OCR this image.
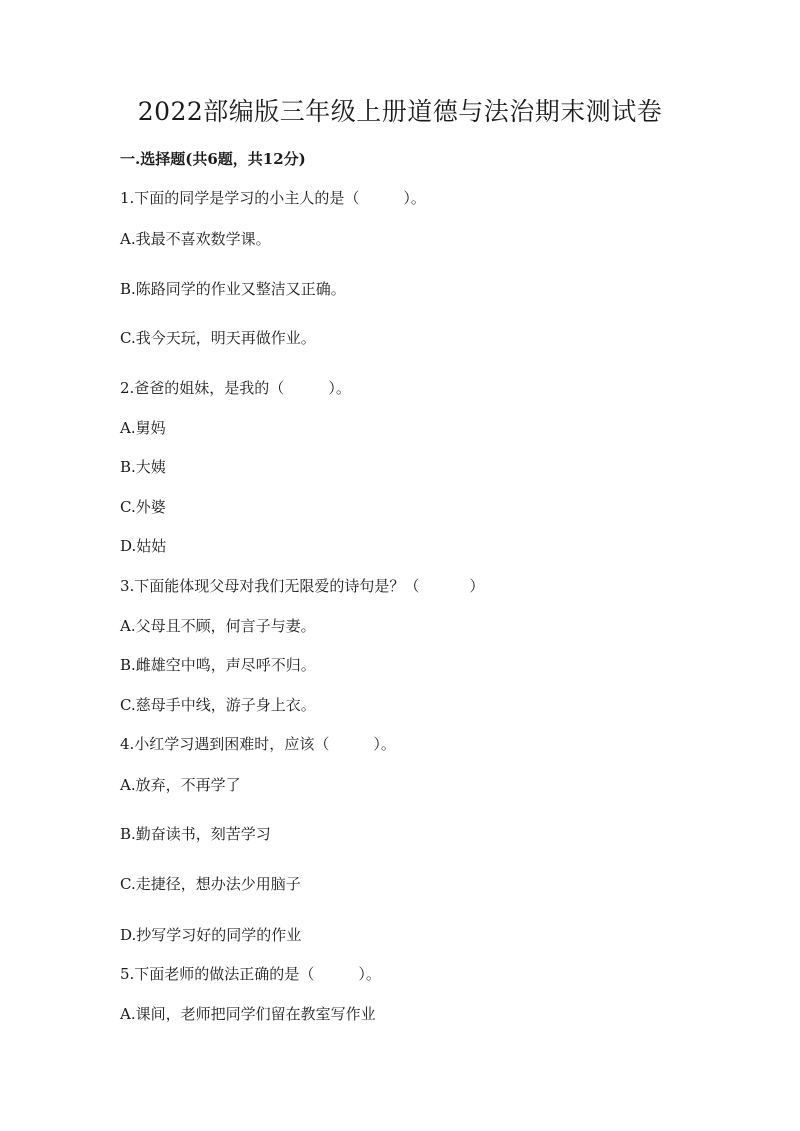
2022部编版三年级上册道德与法治期末测试卷
一.选择题(共6题，共12分)
1.下面的同学是学习的小主人的是（	）。
A.我最不喜欢数学课。
B.陈路同学的作业又整洁又正确。
C.我今天玩，明天再做作业。
2.爸爸的姐妹，是我的（	）。
A.舅妈
B.大姨
C.外婆
D.姑姑
3.下面能体现父母对我们无限爱的诗句是？（	）
A.父母且不顾，何言子与妻。
B.雌雄空中鸣，声尽呼不归。
C.慈母手中线，游子身上衣。
4.小红学习遇到困难时，应该（	）。
A.放弃，不再学了
B.勤奋读书，刻苦学习
C.走捷径，想办法少用脑子
D.抄写学习好的同学的作业
5.下面老师的做法正确的是（	）。
A.课间，老师把同学们留在教室写作业
